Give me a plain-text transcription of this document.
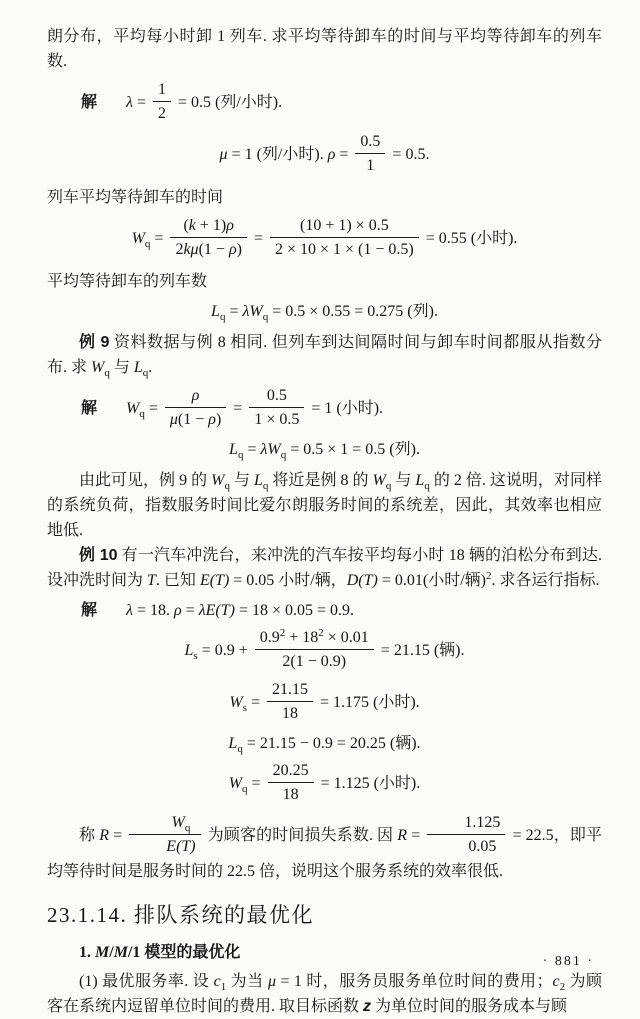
朗分布，平均每小时卸 1 列车. 求平均等待卸车的时间与平均等待卸车的列车数.

解 $\lambda = \frac{1}{2} = 0.5$ (列/小时).
μ = 1 (列/小时). $\rho = \frac{0.5}{1} = 0.5$.

列车平均等待卸车的时间

$W_q = \frac{(k + 1)\rho}{2k\mu(1 - \rho)} = \frac{(10 + 1) \times 0.5}{2 \times 10 \times 1 \times (1 - 0.5)} = 0.55$ (小时).

平均等待卸车的列车数

$L_q = \lambda W_q = 0.5 \times 0.55 = 0.275$ (列).

例 9 资料数据与例 8 相同. 但列车到达间隔时间与卸车时间都服从指数分布. 求 $W_q$ 与 $L_q$.

解 $W_q = \frac{\rho}{\mu(1 - \rho)} = \frac{0.5}{1 \times 0.5} = 1$ (小时).
$L_q = \lambda W_q = 0.5 \times 1 = 0.5$ (列).

由此可见，例 9 的 $W_q$ 与 $L_q$ 将近是例 8 的 $W_q$ 与 $L_q$ 的 2 倍. 这说明，对同样的系统负荷，指数服务时间比爱尔朗服务时间的系统差，因此，其效率也相应地低.

例 10 有一汽车冲洗台，来冲洗的汽车按平均每小时 18 辆的泊松分布到达. 设冲洗时间为 T. 已知 E(T) = 0.05 小时/辆，D(T) = 0.01(小时/辆)$^2$. 求各运行指标.

解 λ = 18. ρ = λE(T) = 18 × 0.05 = 0.9.
$L_s = 0.9 + \frac{0.9^2 + 18^2 \times 0.01}{2(1 - 0.9)} = 21.15$ (辆).
$W_s = \frac{21.15}{18} = 1.175$ (小时).
$L_q = 21.15 - 0.9 = 20.25$ (辆).
$W_q = \frac{20.25}{18} = 1.125$ (小时).

称 $R = \frac{W_q}{E(T)}$ 为顾客的时间损失系数. 因 $R = \frac{1.125}{0.05} = 22.5$，即平均等待时间是服务时间的 22.5 倍，说明这个服务系统的效率很低.

23.1.14. 排队系统的最优化

1. M/M/1 模型的最优化

(1) 最优服务率. 设 $c_1$ 为当 μ = 1 时，服务员服务单位时间的费用；$c_2$ 为顾客在系统内逗留单位时间的费用. 取目标函数 z 为单位时间的服务成本与顾

· 881 ·
